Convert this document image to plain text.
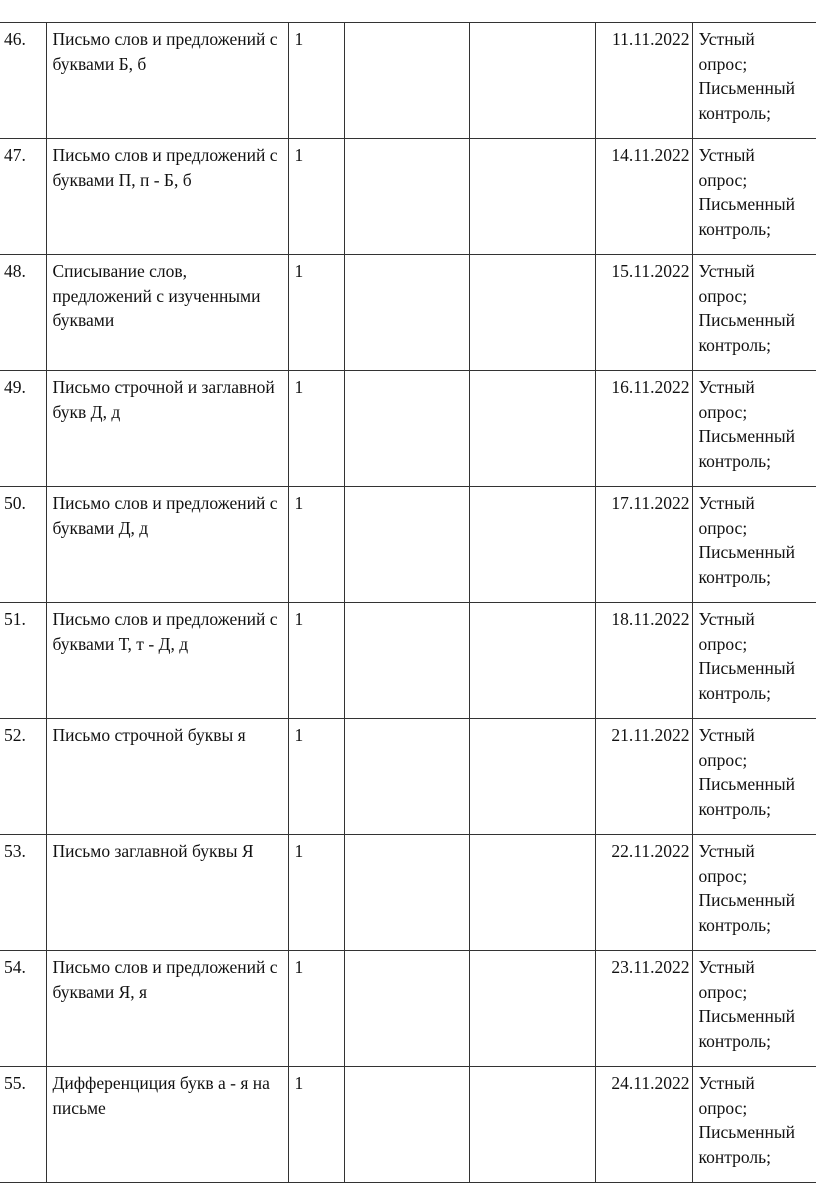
46.	Письмо слов и предложений с буквами Б, б	1			11.11.2022	Устный
опрос;
Письменный
контроль;

47.	Письмо слов и предложений с буквами П, п - Б, б	1			14.11.2022	Устный
опрос;
Письменный
контроль;

48.	Списывание слов, предложений с изученными буквами	1			15.11.2022	Устный
опрос;
Письменный
контроль;

49.	Письмо строчной и заглавной букв Д, д	1			16.11.2022	Устный
опрос;
Письменный
контроль;

50.	Письмо слов и предложений с буквами Д, д	1			17.11.2022	Устный
опрос;
Письменный
контроль;

51.	Письмо слов и предложений с буквами Т, т - Д, д	1			18.11.2022	Устный
опрос;
Письменный
контроль;

52.	Письмо строчной буквы я	1			21.11.2022	Устный
опрос;
Письменный
контроль;

53.	Письмо заглавной буквы Я	1			22.11.2022	Устный
опрос;
Письменный
контроль;

54.	Письмо слов и предложений с буквами Я, я	1			23.11.2022	Устный
опрос;
Письменный
контроль;

55.	Дифференциция букв а - я на письме	1			24.11.2022	Устный
опрос;
Письменный
контроль;
